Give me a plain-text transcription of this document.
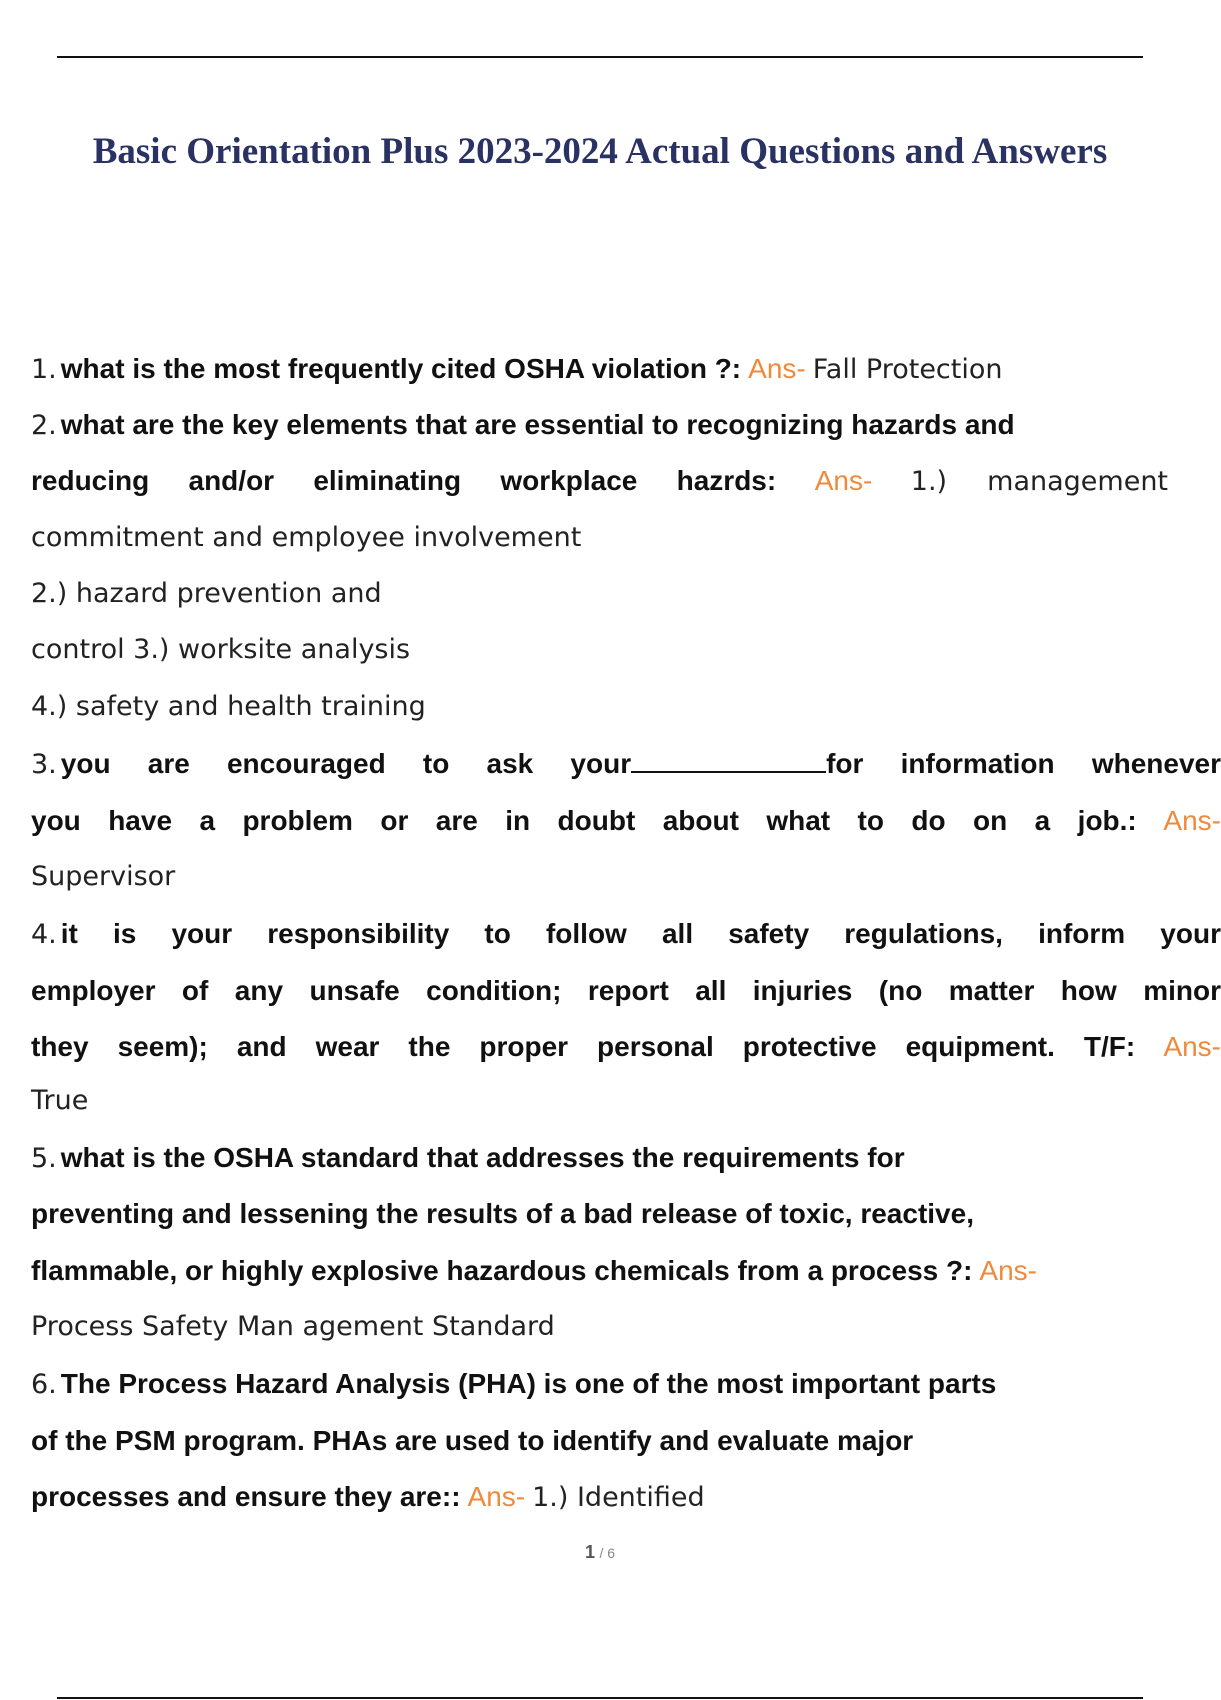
Basic Orientation Plus 2023-2024 Actual Questions and Answers
1. what is the most frequently cited OSHA violation ?: Ans- Fall Protection
2. what are the key elements that are essential to recognizing hazards and
reducing and/or eliminating workplace hazrds: Ans- 1.) management
commitment and employee involvement
2.) hazard prevention and
control 3.) worksite analysis
4.) safety and health training
3. you are encouraged to ask your	for information whenever
you have a problem or are in doubt about what to do on a job.: Ans-
Supervisor
4. it is your responsibility to follow all safety regulations, inform your
employer of any unsafe condition; report all injuries (no matter how minor
they seem); and wear the proper personal protective equipment. T/F: Ans-
True
5. what is the OSHA standard that addresses the requirements for
preventing and lessening the results of a bad release of toxic, reactive,
flammable, or highly explosive hazardous chemicals from a process ?: Ans-
Process Safety Man agement Standard
6. The Process Hazard Analysis (PHA) is one of the most important parts
of the PSM program. PHAs are used to identify and evaluate major
processes and ensure they are:: Ans- 1.) Identified
1 / 6
